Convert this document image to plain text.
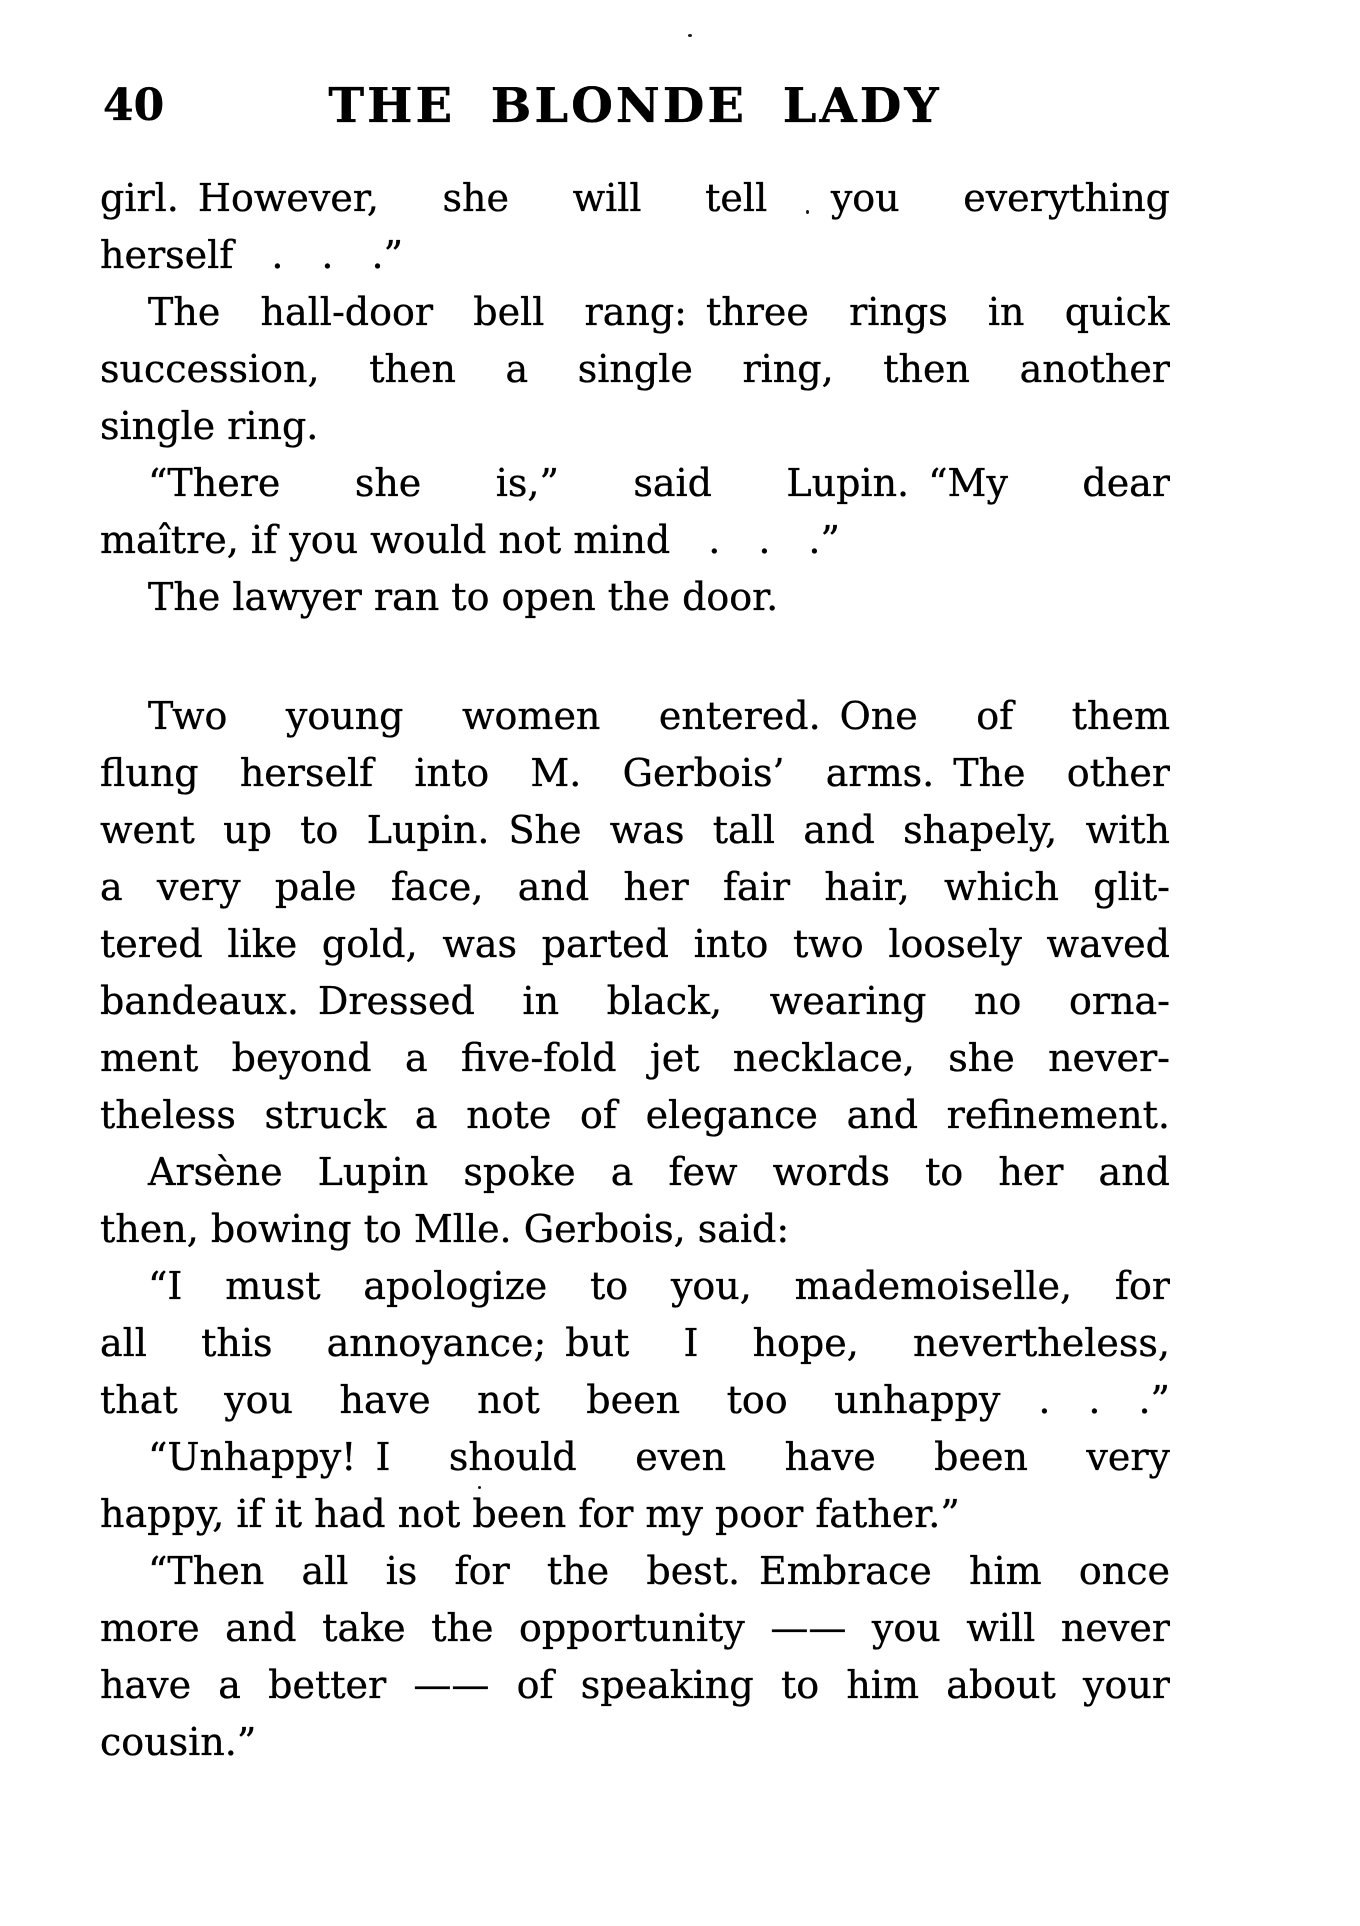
40	THE BLONDE LADY
girl. However, she will tell you everything
herself . . .”
The hall-door bell rang: three rings in quick
succession, then a single ring, then another
single ring.
“There she is,” said Lupin. “My dear
maître, if you would not mind . . .”
The lawyer ran to open the door.
Two young women entered. One of them
flung herself into M. Gerbois’ arms. The other
went up to Lupin. She was tall and shapely, with
a very pale face, and her fair hair, which glit-
tered like gold, was parted into two loosely waved
bandeaux. Dressed in black, wearing no orna-
ment beyond a five-fold jet necklace, she never-
theless struck a note of elegance and refinement.
Arsène Lupin spoke a few words to her and
then, bowing to Mlle. Gerbois, said:
“I must apologize to you, mademoiselle, for
all this annoyance; but I hope, nevertheless,
that you have not been too unhappy . . .”
“Unhappy! I should even have been very
happy, if it had not been for my poor father.”
“Then all is for the best. Embrace him once
more and take the opportunity —— you will never
have a better —— of speaking to him about your
cousin.”
